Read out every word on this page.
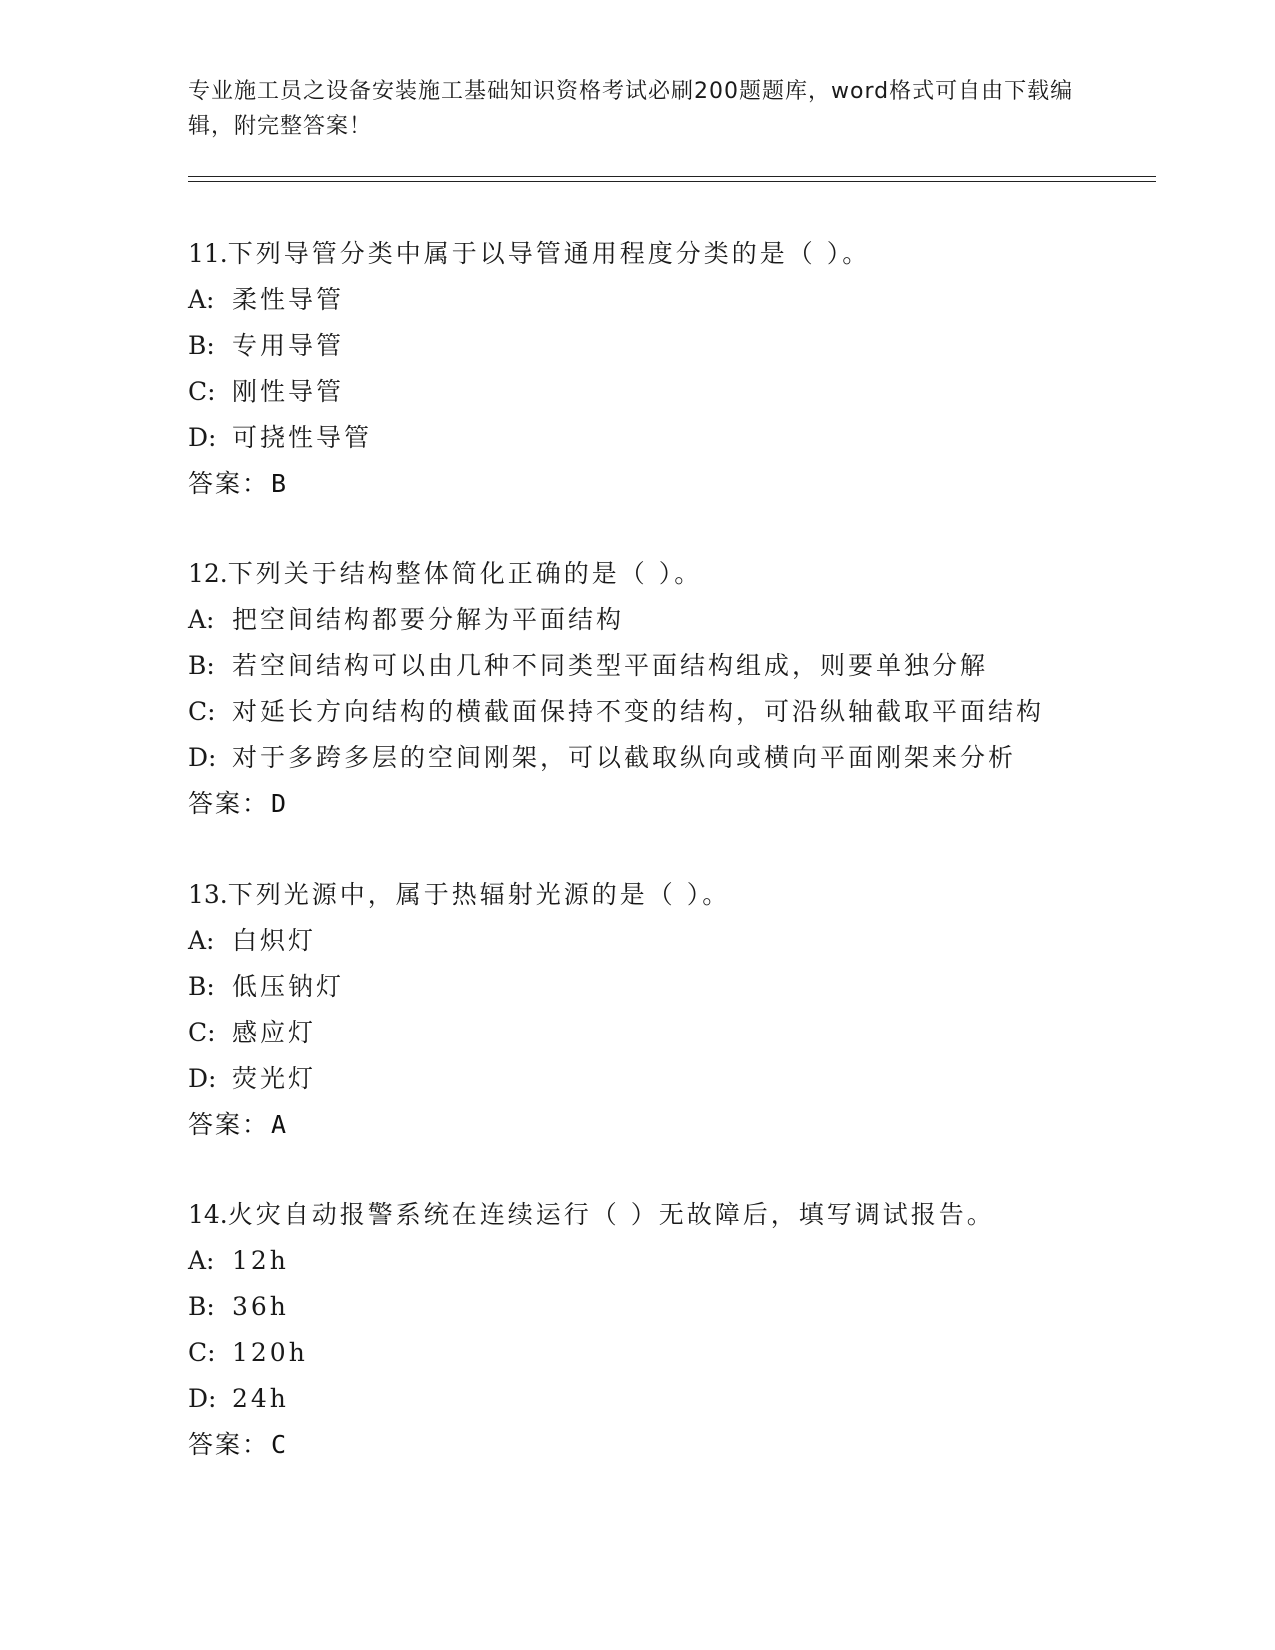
专业施工员之设备安装施工基础知识资格考试必刷200题题库，word格式可自由下载编辑，附完整答案！
11.下列导管分类中属于以导管通用程度分类的是（ ）。
A: 柔性导管
B: 专用导管
C: 刚性导管
D: 可挠性导管
答案：B
12.下列关于结构整体简化正确的是（ ）。
A: 把空间结构都要分解为平面结构
B: 若空间结构可以由几种不同类型平面结构组成，则要单独分解
C: 对延长方向结构的横截面保持不变的结构，可沿纵轴截取平面结构
D: 对于多跨多层的空间刚架，可以截取纵向或横向平面刚架来分析
答案：D
13.下列光源中，属于热辐射光源的是（ ）。
A: 白炽灯
B: 低压钠灯
C: 感应灯
D: 荧光灯
答案：A
14.火灾自动报警系统在连续运行（ ）无故障后，填写调试报告。
A: 12h
B: 36h
C: 120h
D: 24h
答案：C
